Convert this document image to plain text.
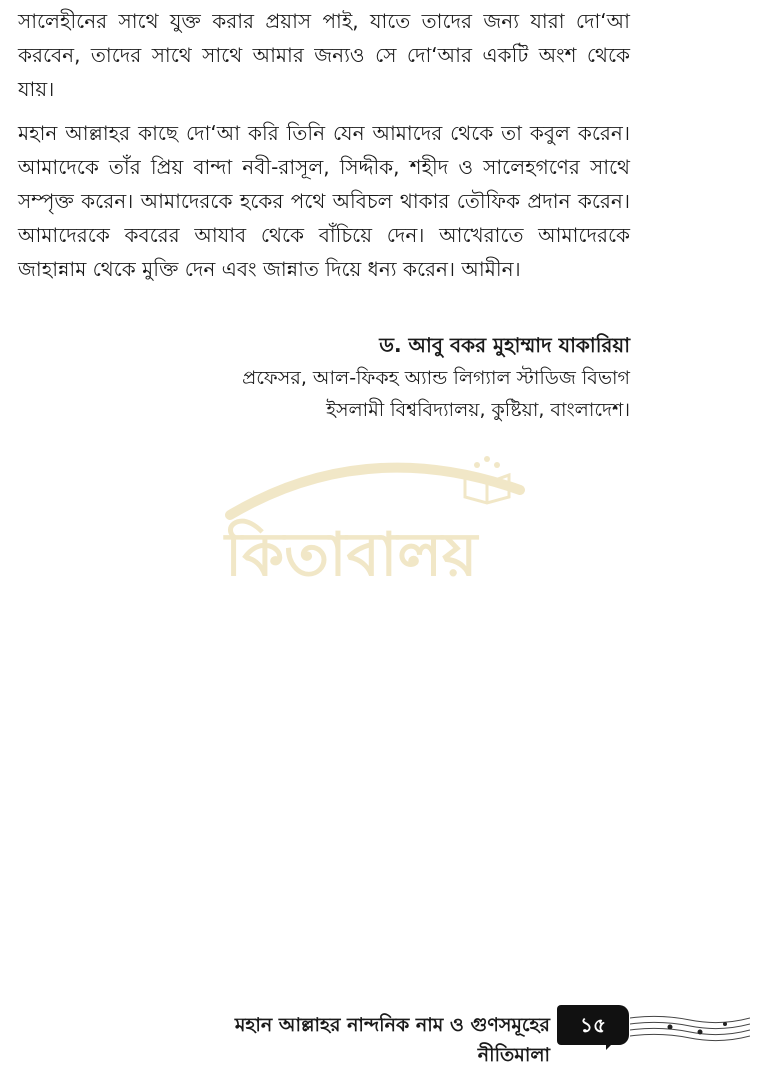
সালেহীনের সাথে যুক্ত করার প্রয়াস পাই, যাতে তাদের জন্য যারা দো‘আ করবেন, তাদের সাথে সাথে আমার জন্যও সে দো‘আর একটি অংশ থেকে যায়।

মহান আল্লাহর কাছে দো‘আ করি তিনি যেন আমাদের থেকে তা কবুল করেন। আমাদেকে তাঁর প্রিয় বান্দা নবী-রাসূল, সিদ্দীক, শহীদ ও সালেহগণের সাথে সম্পৃক্ত করেন। আমাদেরকে হকের পথে অবিচল থাকার তৌফিক প্রদান করেন। আমাদেরকে কবরের আযাব থেকে বাঁচিয়ে দেন। আখেরাতে আমাদেরকে জাহান্নাম থেকে মুক্তি দেন এবং জান্নাত দিয়ে ধন্য করেন। আমীন।

ড. আবু বকর মুহাম্মাদ যাকারিয়া
প্রফেসর, আল-ফিকহ অ্যান্ড লিগ্যাল স্টাডিজ বিভাগ
ইসলামী বিশ্ববিদ্যালয়, কুষ্টিয়া, বাংলাদেশ।
কিতাবালয়
মহান আল্লাহর নান্দনিক নাম ও গুণসমূহের নীতিমালা
১৫
